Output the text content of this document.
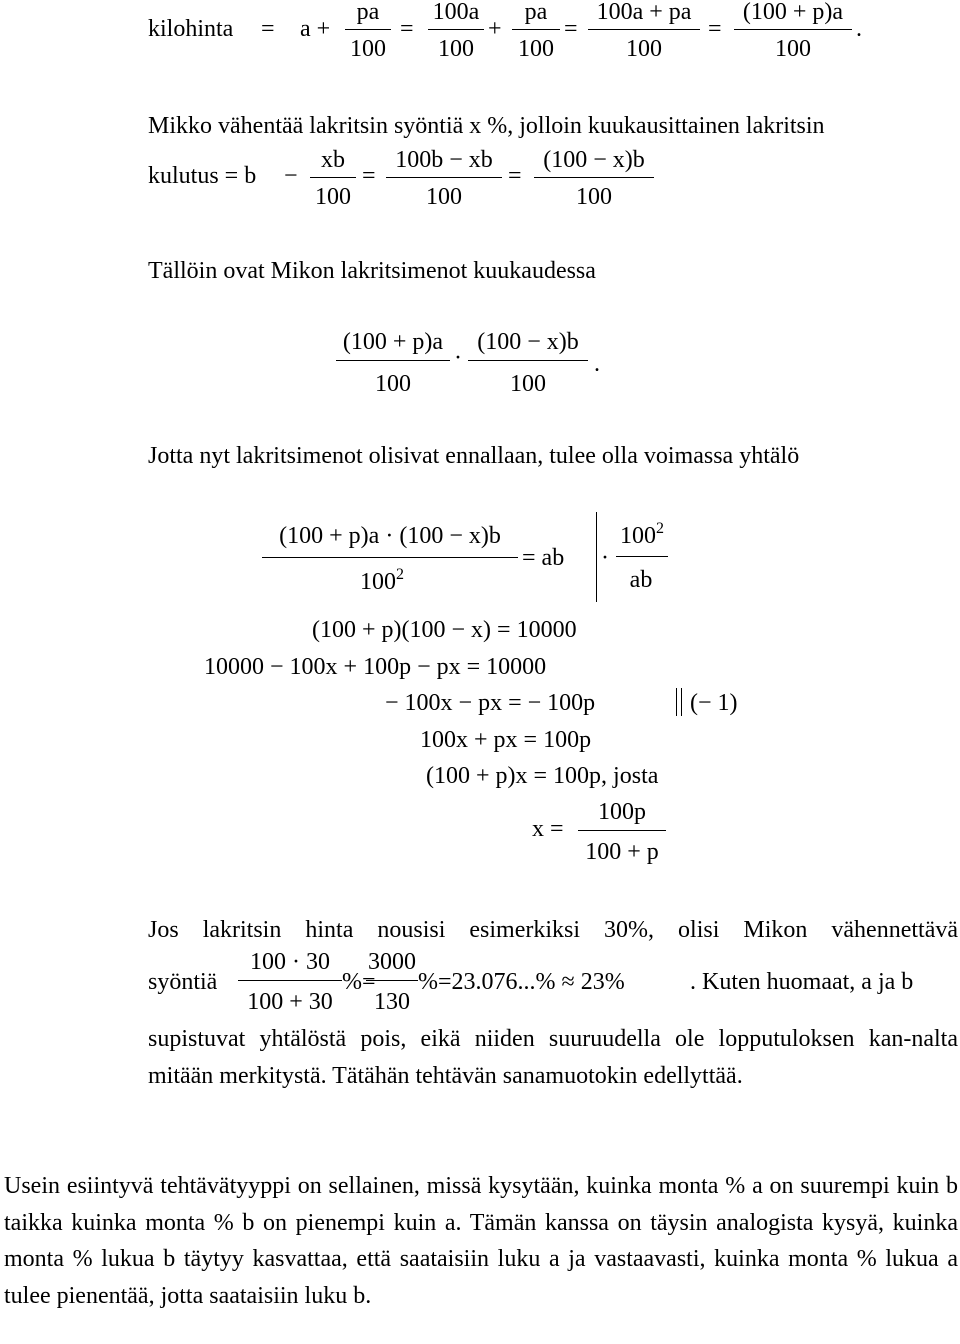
kilohinta = a +
pa
100
=
100a
100
+
pa
100
=
100a + pa
100
=
(100 + p)a
100
.
Mikko vähentää lakritsin syöntiä x %, jolloin kuukausittainen lakritsin
kulutus = b −
xb
100
=
100b − xb
100
=
(100 − x)b
100
Tällöin ovat Mikon lakritsimenot kuukaudessa
(100 + p)a
100
·
(100 − x)b
100
.
Jotta nyt lakritsimenot olisivat ennallaan, tulee olla voimassa yhtälö
(100 + p)a · (100 − x)b
$100^2$
= ab ·
$100^2$
ab
(100 + p)(100 − x) = 10000
10000 − 100x + 100p − px = 10000
− 100x − px = − 100p	(− 1)
100x + px = 100p
(100 + p)x = 100p, josta
x =
100p
100 + p
Jos lakritsin hinta nousisi esimerkiksi 30%, olisi Mikon vähennettävä
syöntiä
100 · 30
100 + 30
%=
3000
130
%=23.076...% ≈ 23%	. Kuten huomaat, a ja b

supistuvat yhtälöstä pois, eikä niiden suuruudella ole lopputuloksen kan-nalta mitään merkitystä. Tätähän tehtävän sanamuotokin edellyttää.

Usein esiintyvä tehtävätyyppi on sellainen, missä kysytään, kuinka monta % a on suurempi kuin b taikka kuinka monta % b on pienempi kuin a. Tämän kanssa on täysin analogista kysyä, kuinka monta % lukua b täytyy kasvattaa, että saataisiin luku a ja vastaavasti, kuinka monta % lukua a tulee pienentää, jotta saataisiin luku b.
